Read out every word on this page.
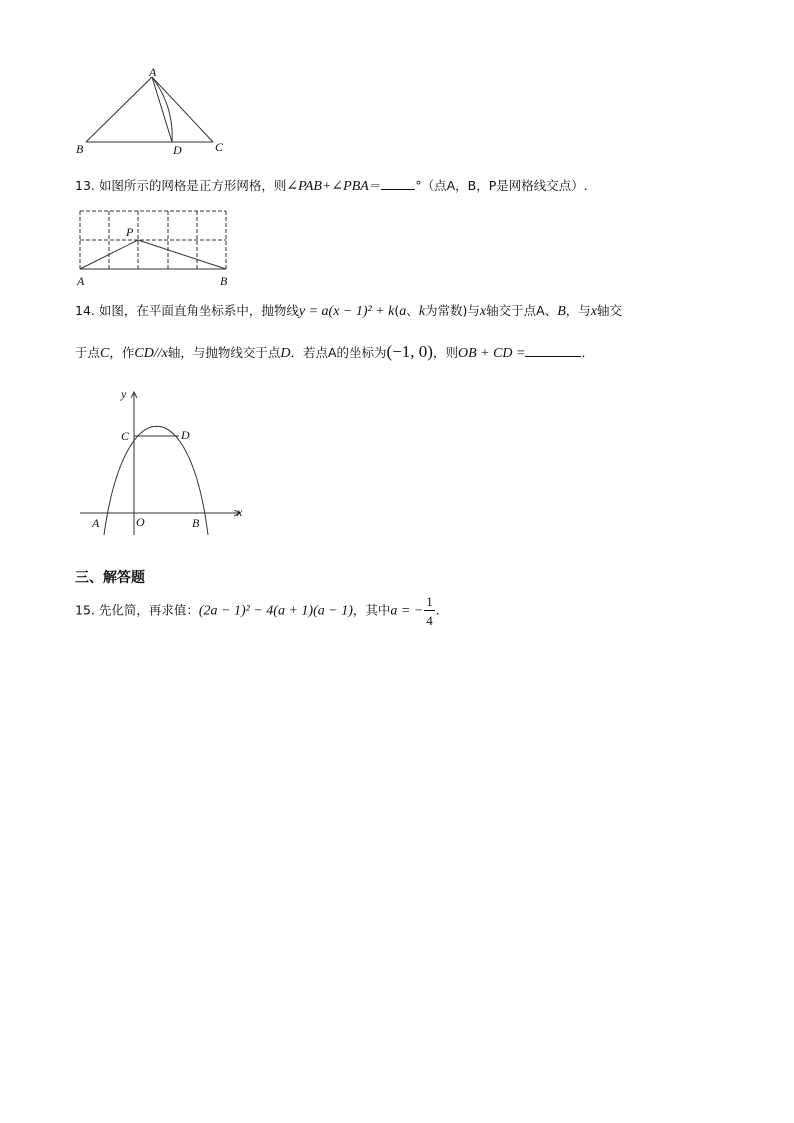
A
B	D	C
13. 如图所示的网格是正方形网格，则∠PAB+∠PBA＝	°（点A，B，P是网格线交点）.
P
A	B
14. 如图，在平面直角坐标系中，抛物线y = a(x − 1)² + k(a、k为常数)与x轴交于点A、B，与x轴交
于点C，作CD//x轴，与抛物线交于点D．若点A的坐标为(−1, 0)，则OB + CD =	.
y
x
C	D
A	O	B
三、解答题
15. 先化简，再求值：(2a − 1)² − 4(a + 1)(a − 1)，其中a = − $\frac{1}{4}$ .
